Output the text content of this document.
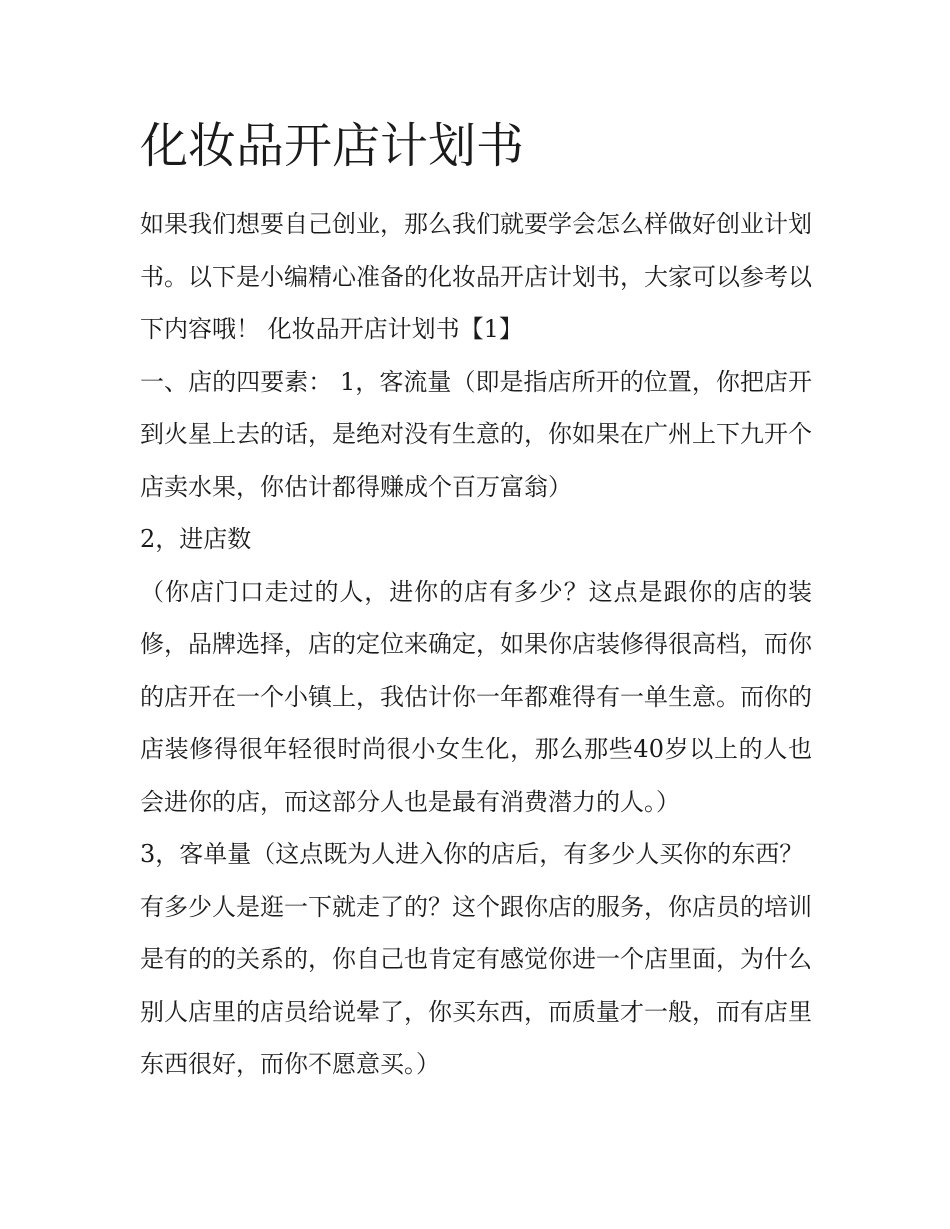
化妆品开店计划书

如果我们想要自己创业，那么我们就要学会怎么样做好创业计划书。以下是小编精心准备的化妆品开店计划书，大家可以参考以下内容哦！ 化妆品开店计划书【1】

一、店的四要素： 1，客流量（即是指店所开的位置，你把店开到火星上去的话，是绝对没有生意的，你如果在广州上下九开个店卖水果，你估计都得赚成个百万富翁）

2，进店数

（你店门口走过的人，进你的店有多少？这点是跟你的店的装修，品牌选择，店的定位来确定，如果你店装修得很高档，而你的店开在一个小镇上，我估计你一年都难得有一单生意。而你的店装修得很年轻很时尚很小女生化，那么那些40岁以上的人也会进你的店，而这部分人也是最有消费潜力的人。）

3，客单量（这点既为人进入你的店后，有多少人买你的东西？

有多少人是逛一下就走了的？这个跟你店的服务，你店员的培训是有的的关系的，你自己也肯定有感觉你进一个店里面，为什么别人店里的店员给说晕了，你买东西，而质量才一般，而有店里东西很好，而你不愿意买。）
